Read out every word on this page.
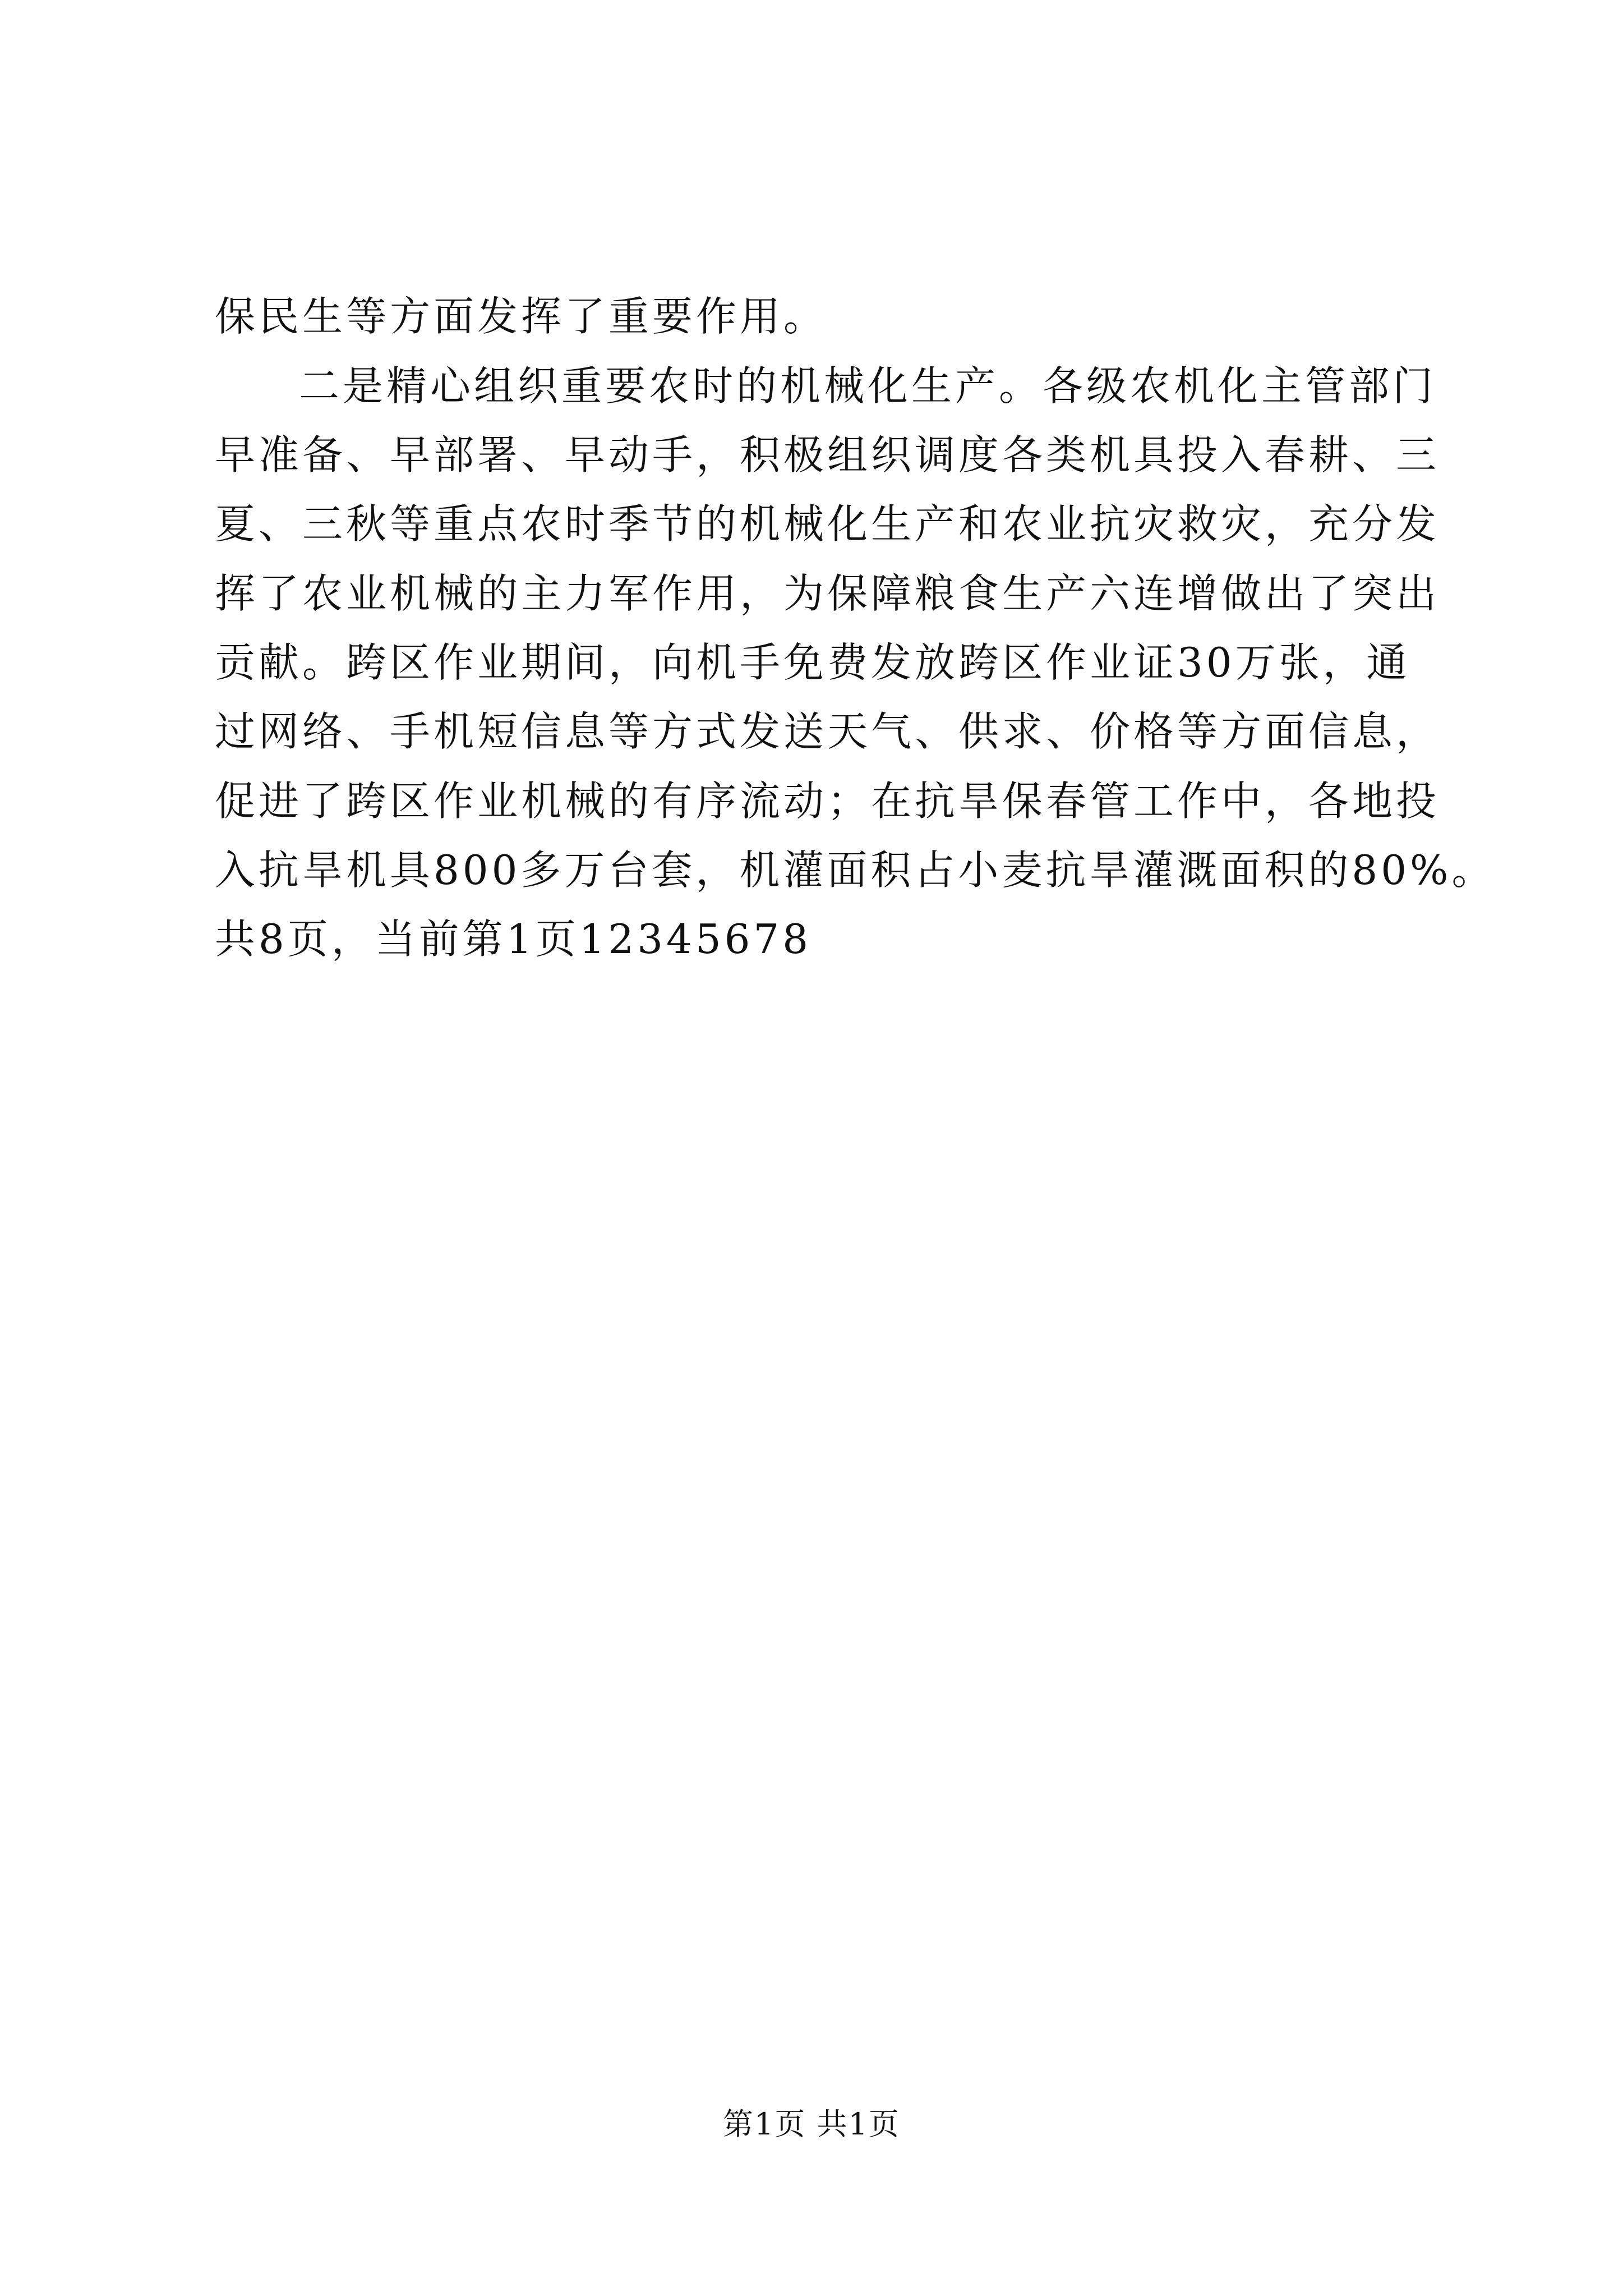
保民生等方面发挥了重要作用。
二是精心组织重要农时的机械化生产。各级农机化主管部门
早准备、早部署、早动手，积极组织调度各类机具投入春耕、三
夏、三秋等重点农时季节的机械化生产和农业抗灾救灾，充分发
挥了农业机械的主力军作用，为保障粮食生产六连增做出了突出
贡献。跨区作业期间，向机手免费发放跨区作业证30万张，通
过网络、手机短信息等方式发送天气、供求、价格等方面信息，
促进了跨区作业机械的有序流动；在抗旱保春管工作中，各地投
入抗旱机具800多万台套，机灌面积占小麦抗旱灌溉面积的80%。
共8页，当前第1页12345678
第1页 共1页
